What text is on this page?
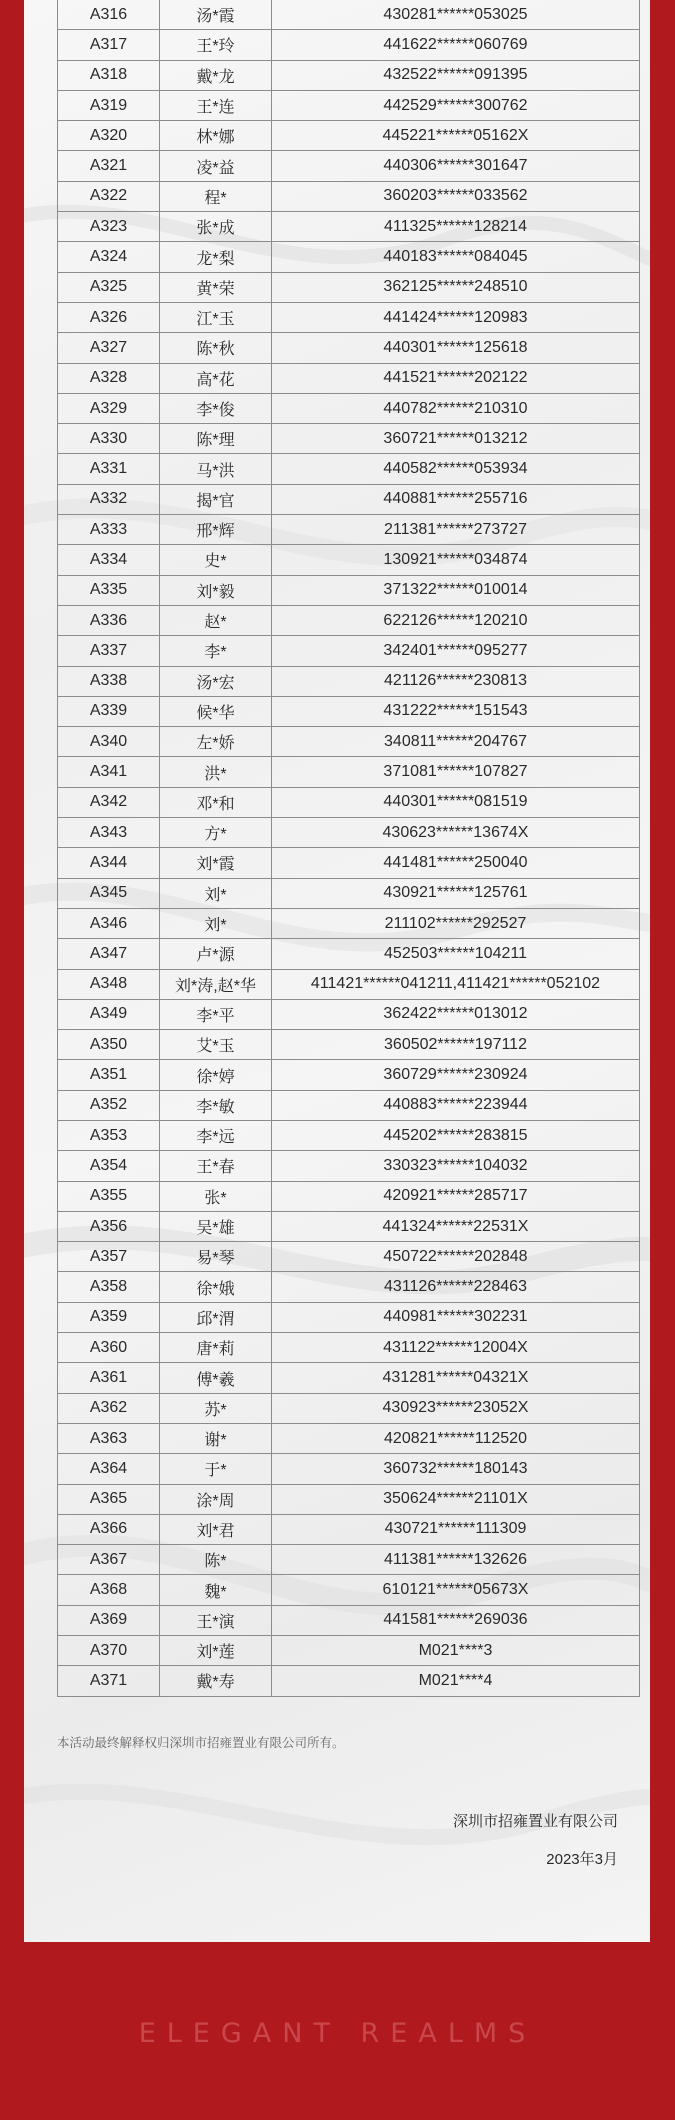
A316	汤*霞	430281******053025
A317	王*玲	441622******060769
A318	戴*龙	432522******091395
A319	王*连	442529******300762
A320	林*娜	445221******05162X
A321	凌*益	440306******301647
A322	程*	360203******033562
A323	张*成	411325******128214
A324	龙*梨	440183******084045
A325	黄*荣	362125******248510
A326	江*玉	441424******120983
A327	陈*秋	440301******125618
A328	高*花	441521******202122
A329	李*俊	440782******210310
A330	陈*理	360721******013212
A331	马*洪	440582******053934
A332	揭*官	440881******255716
A333	邢*辉	211381******273727
A334	史*	130921******034874
A335	刘*毅	371322******010014
A336	赵*	622126******120210
A337	李*	342401******095277
A338	汤*宏	421126******230813
A339	候*华	431222******151543
A340	左*娇	340811******204767
A341	洪*	371081******107827
A342	邓*和	440301******081519
A343	方*	430623******13674X
A344	刘*霞	441481******250040
A345	刘*	430921******125761
A346	刘*	211102******292527
A347	卢*源	452503******104211
A348	刘*涛,赵*华	411421******041211,411421******052102
A349	李*平	362422******013012
A350	艾*玉	360502******197112
A351	徐*婷	360729******230924
A352	李*敏	440883******223944
A353	李*远	445202******283815
A354	王*春	330323******104032
A355	张*	420921******285717
A356	吴*雄	441324******22531X
A357	易*琴	450722******202848
A358	徐*娥	431126******228463
A359	邱*渭	440981******302231
A360	唐*莉	431122******12004X
A361	傅*羲	431281******04321X
A362	苏*	430923******23052X
A363	谢*	420821******112520
A364	于*	360732******180143
A365	涂*周	350624******21101X
A366	刘*君	430721******111309
A367	陈*	411381******132626
A368	魏*	610121******05673X
A369	王*演	441581******269036
A370	刘*莲	M021****3
A371	戴*寿	M021****4
本活动最终解释权归深圳市招雍置业有限公司所有。
深圳市招雍置业有限公司
2023年3月
ELEGANT REALMS
